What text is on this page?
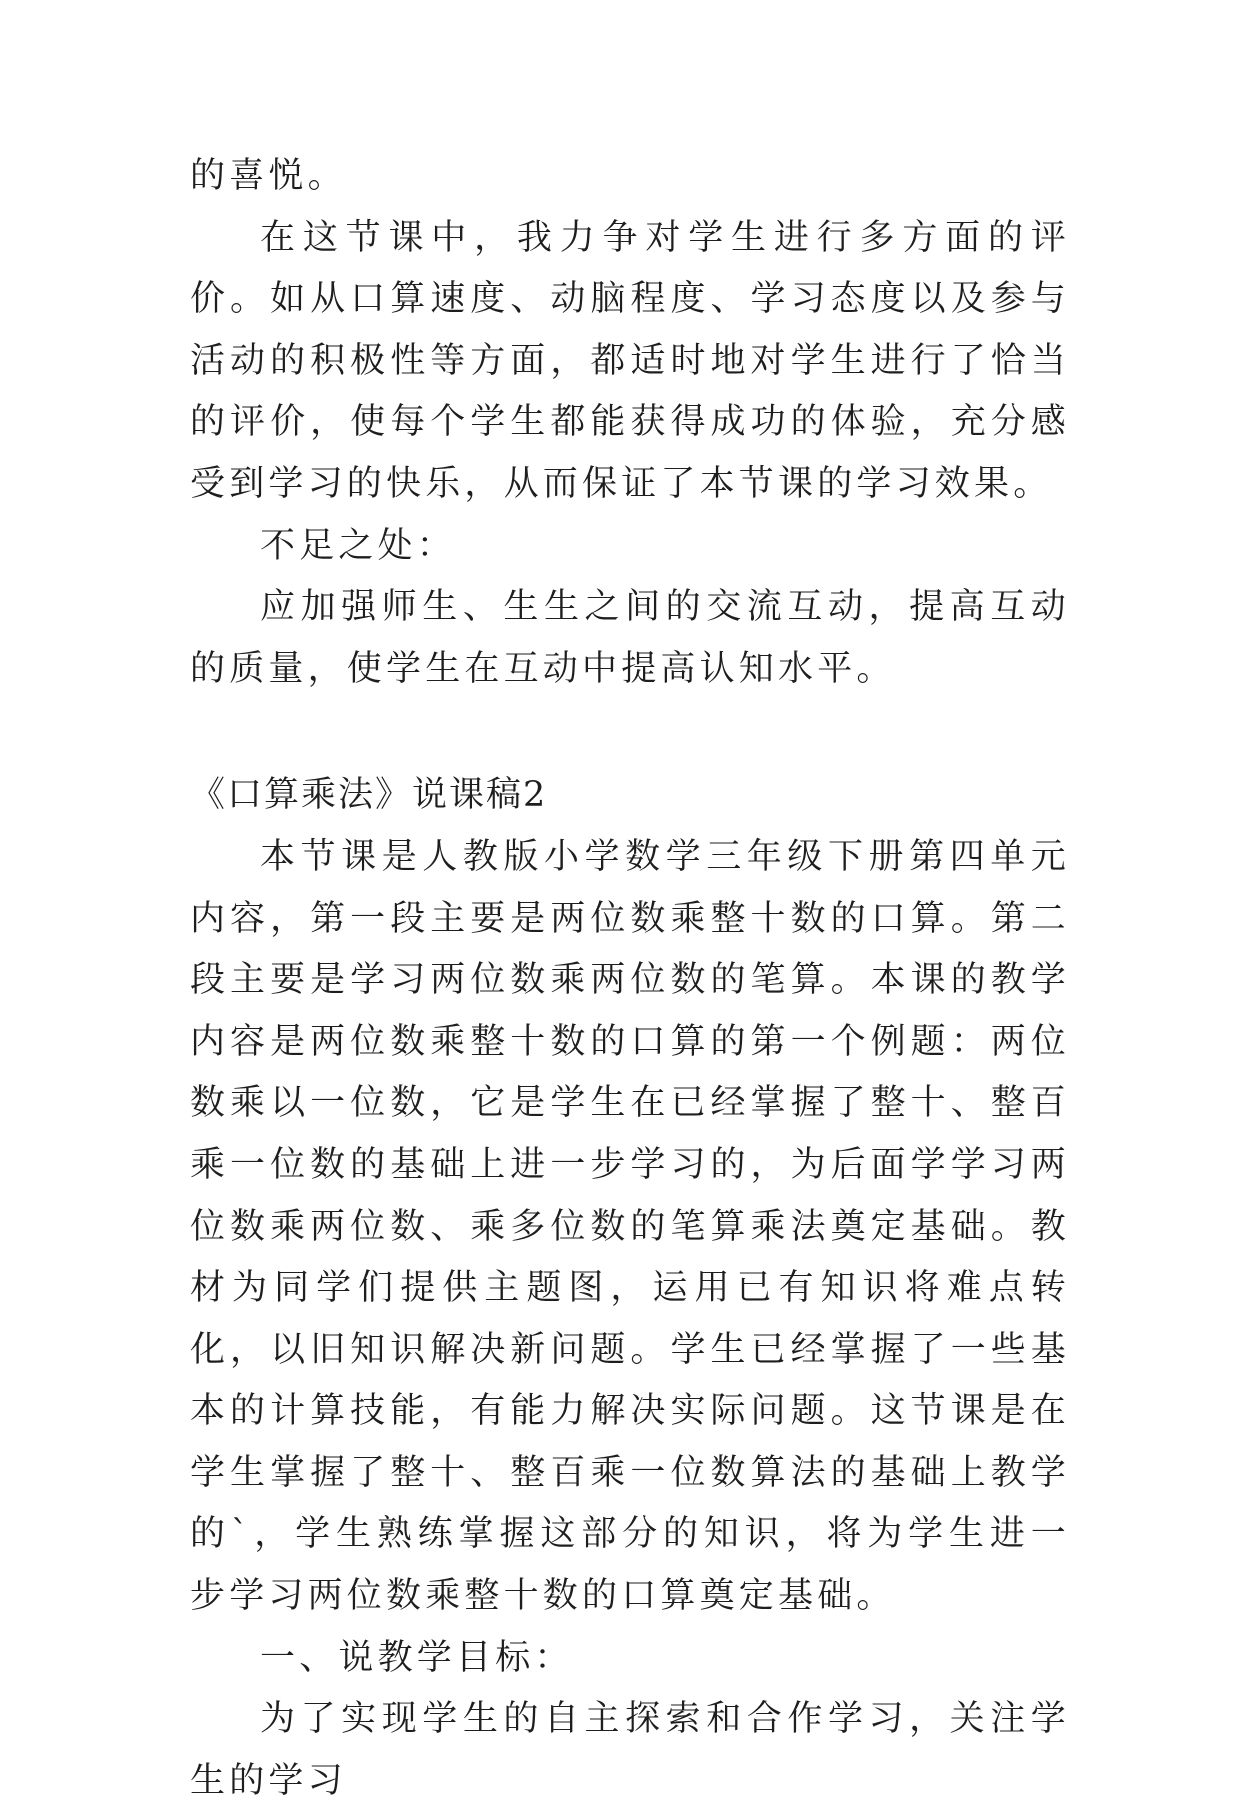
的喜悦。

在这节课中，我力争对学生进行多方面的评价。如从口算速度、动脑程度、学习态度以及参与活动的积极性等方面，都适时地对学生进行了恰当的评价，使每个学生都能获得成功的体验，充分感受到学习的快乐，从而保证了本节课的学习效果。

不足之处：

应加强师生、生生之间的交流互动，提高互动的质量，使学生在互动中提高认知水平。

《口算乘法》说课稿2

本节课是人教版小学数学三年级下册第四单元内容，第一段主要是两位数乘整十数的口算。第二段主要是学习两位数乘两位数的笔算。本课的教学内容是两位数乘整十数的口算的第一个例题：两位数乘以一位数，它是学生在已经掌握了整十、整百乘一位数的基础上进一步学习的，为后面学学习两位数乘两位数、乘多位数的笔算乘法奠定基础。教材为同学们提供主题图，运用已有知识将难点转化，以旧知识解决新问题。学生已经掌握了一些基本的计算技能，有能力解决实际问题。这节课是在学生掌握了整十、整百乘一位数算法的基础上教学的`，学生熟练掌握这部分的知识，将为学生进一步学习两位数乘整十数的口算奠定基础。

一、说教学目标：

为了实现学生的自主探索和合作学习，关注学生的学习
